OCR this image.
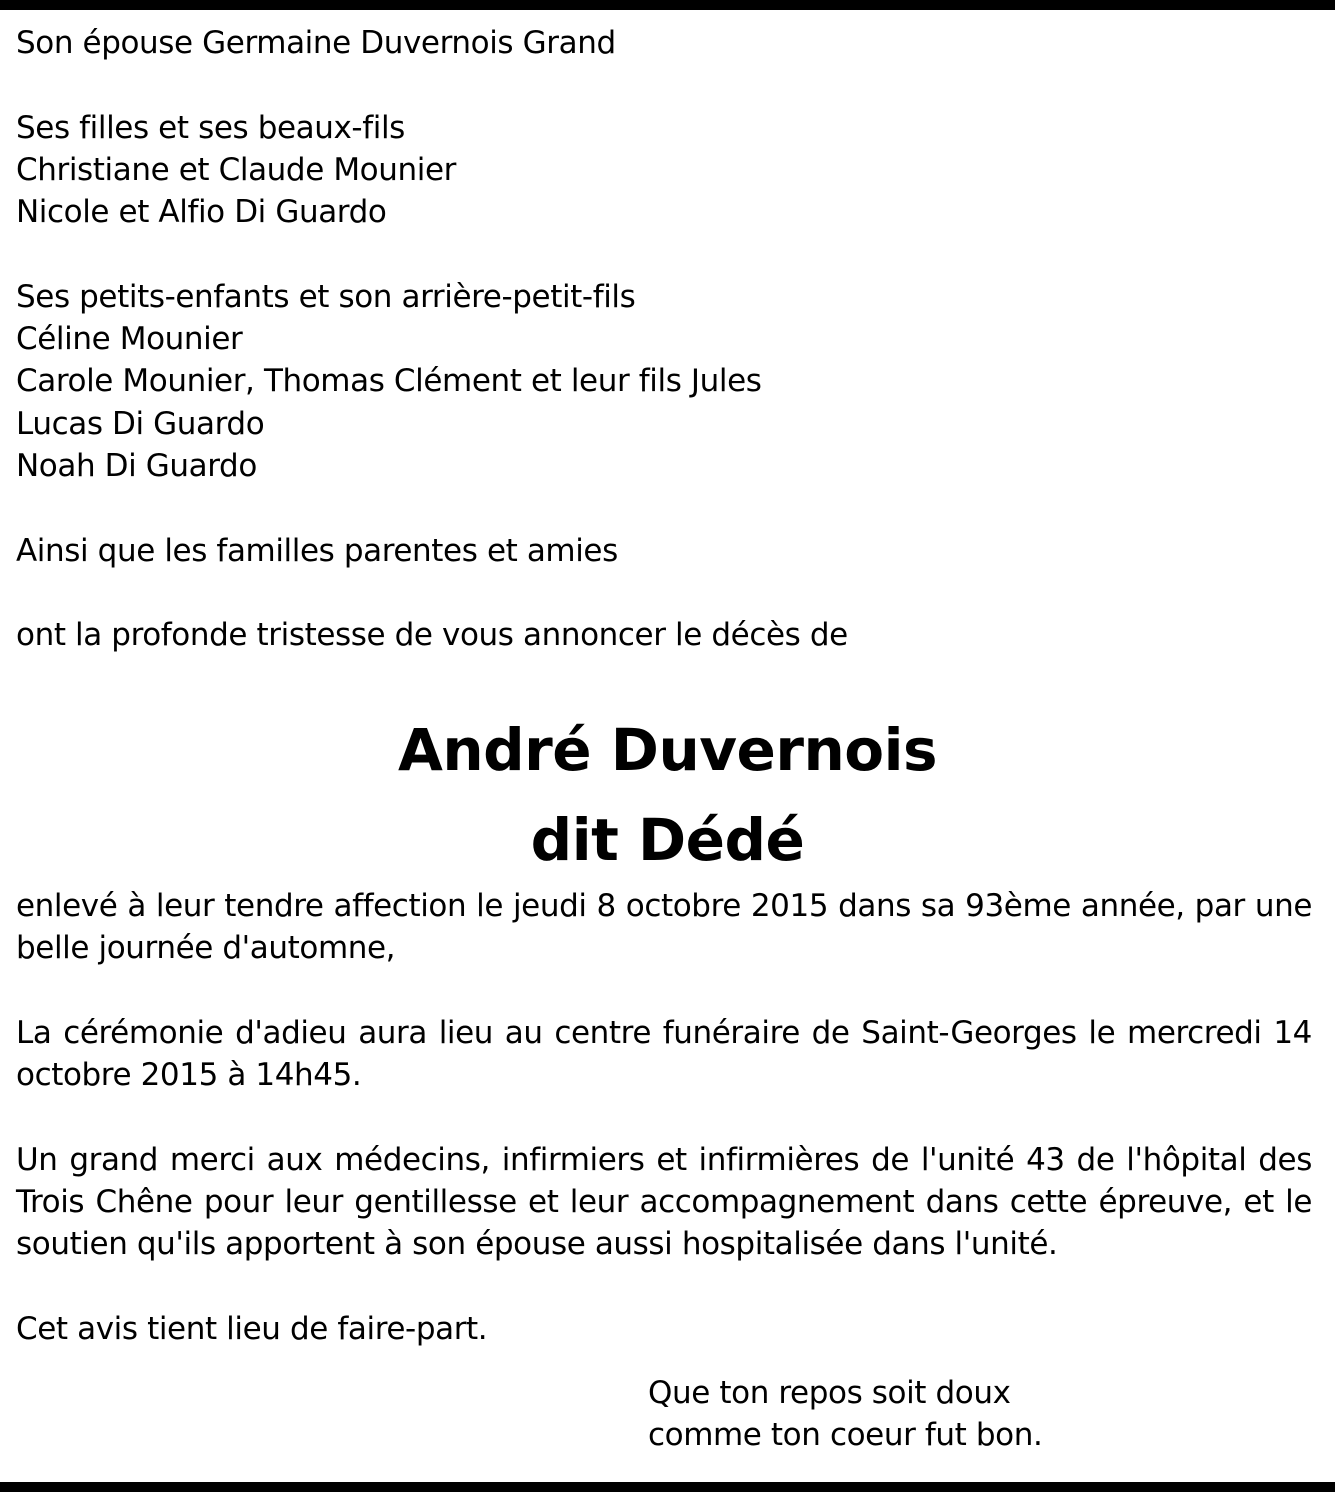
Son épouse Germaine Duvernois Grand
Ses filles et ses beaux-fils
Christiane et Claude Mounier
Nicole et Alfio Di Guardo
Ses petits-enfants et son arrière-petit-fils
Céline Mounier
Carole Mounier, Thomas Clément et leur fils Jules
Lucas Di Guardo
Noah Di Guardo
Ainsi que les familles parentes et amies
ont la profonde tristesse de vous annoncer le décès de
André Duvernois
dit Dédé
enlevé à leur tendre affection le jeudi 8 octobre 2015 dans sa 93ème année, par une belle journée d'automne,
La cérémonie d'adieu aura lieu au centre funéraire de Saint-Georges le mercredi 14 octobre 2015 à 14h45.
Un grand merci aux médecins, infirmiers et infirmières de l'unité 43 de l'hôpital des Trois Chêne pour leur gentillesse et leur accompagnement dans cette épreuve, et le soutien qu'ils apportent à son épouse aussi hospitalisée dans l'unité.
Cet avis tient lieu de faire-part.
Que ton repos soit doux
comme ton coeur fut bon.
